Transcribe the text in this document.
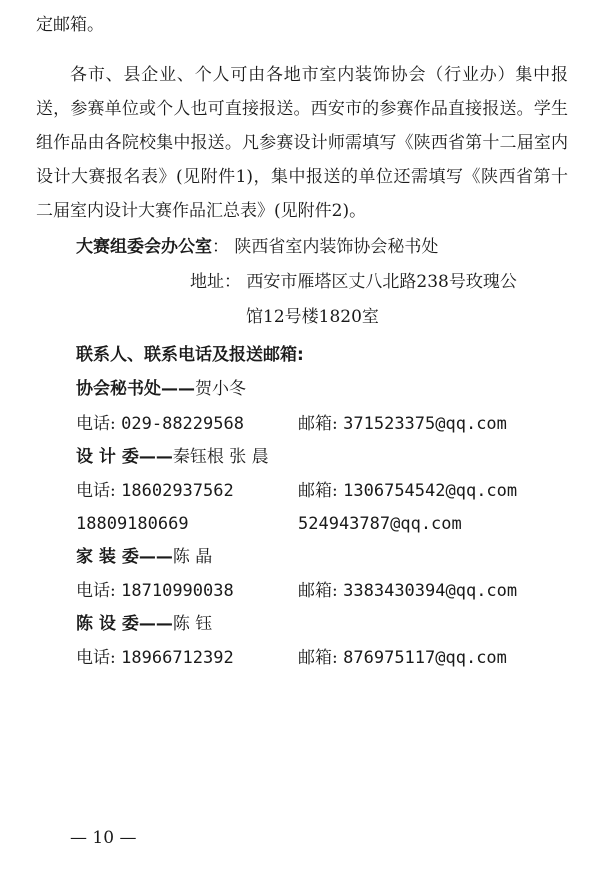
定邮箱。
各市、县企业、个人可由各地市室内装饰协会（行业办）集中报送，参赛单位或个人也可直接报送。西安市的参赛作品直接报送。学生组作品由各院校集中报送。凡参赛设计师需填写《陕西省第十二届室内设计大赛报名表》(见附件1)，集中报送的单位还需填写《陕西省第十二届室内设计大赛作品汇总表》(见附件2)。
大赛组委会办公室： 陕西省室内装饰协会秘书处
地址： 西安市雁塔区丈八北路238号玫瑰公
馆12号楼1820室
联系人、联系电话及报送邮箱:
协会秘书处——贺小冬
电话: 029-88229568	邮箱: 371523375@qq.com
设 计 委——秦钰根 张 晨
电话: 18602937562	邮箱: 1306754542@qq.com
18809180669	524943787@qq.com
家 装 委——陈 晶
电话: 18710990038	邮箱: 3383430394@qq.com
陈 设 委——陈 钰
电话: 18966712392	邮箱: 876975117@qq.com
— 10 —
